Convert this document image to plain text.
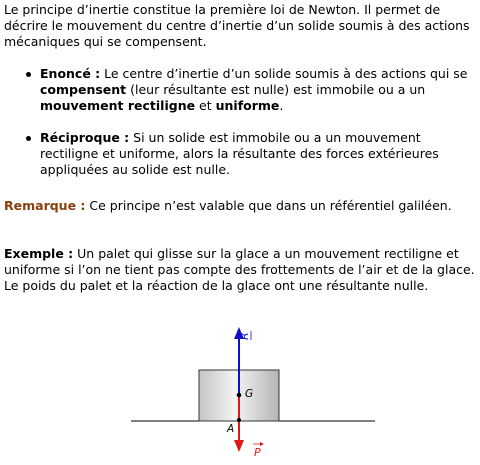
Le principe d’inertie constitue la première loi de Newton. Il permet de décrire le mouvement du centre d’inertie d’un solide soumis à des actions mécaniques qui se compensent.

Enoncé : Le centre d’inertie d’un solide soumis à des actions qui se compensent (leur résultante est nulle) est immobile ou a un mouvement rectiligne et uniforme.
Réciproque : Si un solide est immobile ou a un mouvement rectiligne et uniforme, alors la résultante des forces extérieures appliquées au solide est nulle.

Remarque : Ce principe n’est valable que dans un référentiel galiléen.

Exemple : Un palet qui glisse sur la glace a un mouvement rectiligne et uniforme si l’on ne tient pas compte des frottements de l’air et de la glace. Le poids du palet et la réaction de la glace ont une résultante nulle.

R
G
A
P
